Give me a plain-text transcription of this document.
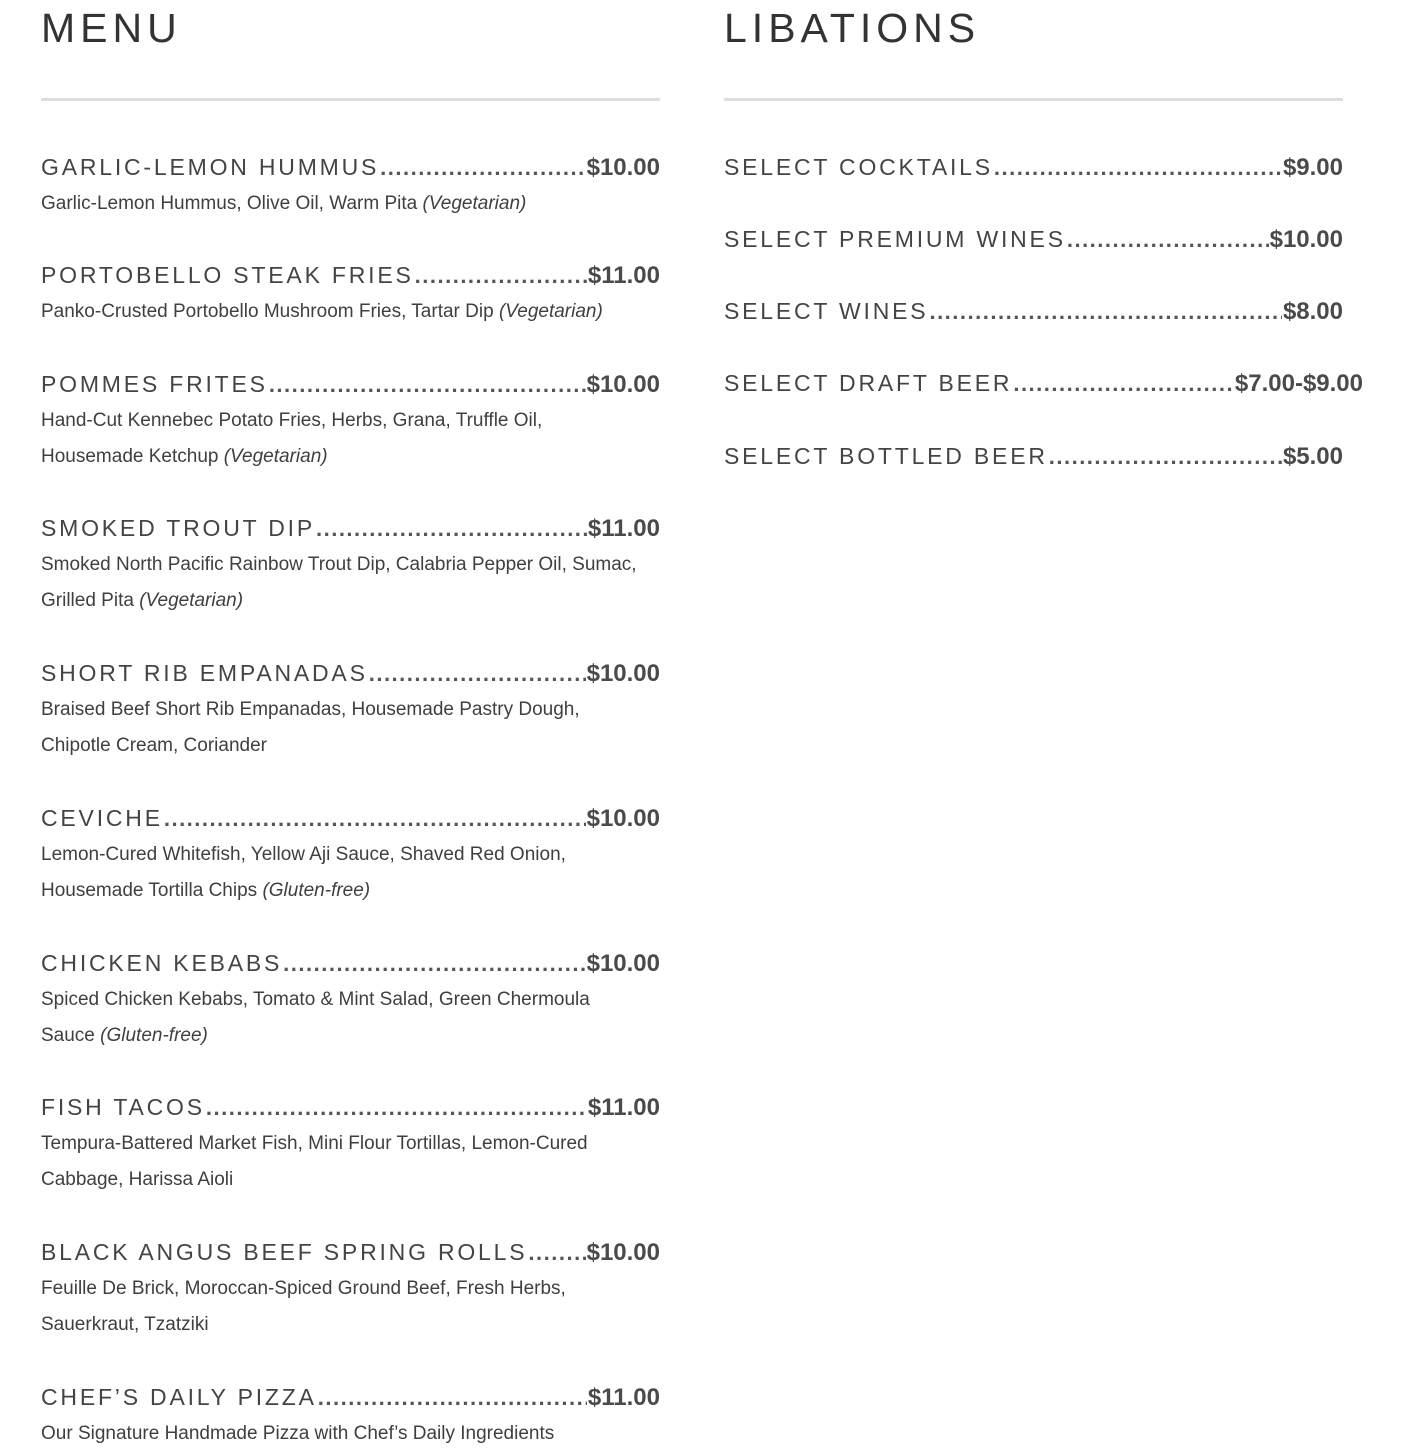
MENU
GARLIC-LEMON HUMMUS .....	$10.00
Garlic-Lemon Hummus, Olive Oil, Warm Pita (Vegetarian)
PORTOBELLO STEAK FRIES .....	$11.00
Panko-Crusted Portobello Mushroom Fries, Tartar Dip (Vegetarian)
POMMES FRITES .....	$10.00
Hand-Cut Kennebec Potato Fries, Herbs, Grana, Truffle Oil, Housemade Ketchup (Vegetarian)
SMOKED TROUT DIP .....	$11.00
Smoked North Pacific Rainbow Trout Dip, Calabria Pepper Oil, Sumac, Grilled Pita (Vegetarian)
SHORT RIB EMPANADAS .....	$10.00
Braised Beef Short Rib Empanadas, Housemade Pastry Dough, Chipotle Cream, Coriander
CEVICHE .....	$10.00
Lemon-Cured Whitefish, Yellow Aji Sauce, Shaved Red Onion, Housemade Tortilla Chips (Gluten-free)
CHICKEN KEBABS .....	$10.00
Spiced Chicken Kebabs, Tomato & Mint Salad, Green Chermoula Sauce (Gluten-free)
FISH TACOS .....	$11.00
Tempura-Battered Market Fish, Mini Flour Tortillas, Lemon-Cured Cabbage, Harissa Aioli
BLACK ANGUS BEEF SPRING ROLLS ..... $10.00
Feuille De Brick, Moroccan-Spiced Ground Beef, Fresh Herbs, Sauerkraut, Tzatziki
CHEF’S DAILY PIZZA .....	$11.00
Our Signature Handmade Pizza with Chef’s Daily Ingredients
LIBATIONS
SELECT COCKTAILS .....	$9.00
SELECT PREMIUM WINES .....	$10.00
SELECT WINES .....	$8.00
SELECT DRAFT BEER .....	$7.00-$9.00
SELECT BOTTLED BEER .....	$5.00
